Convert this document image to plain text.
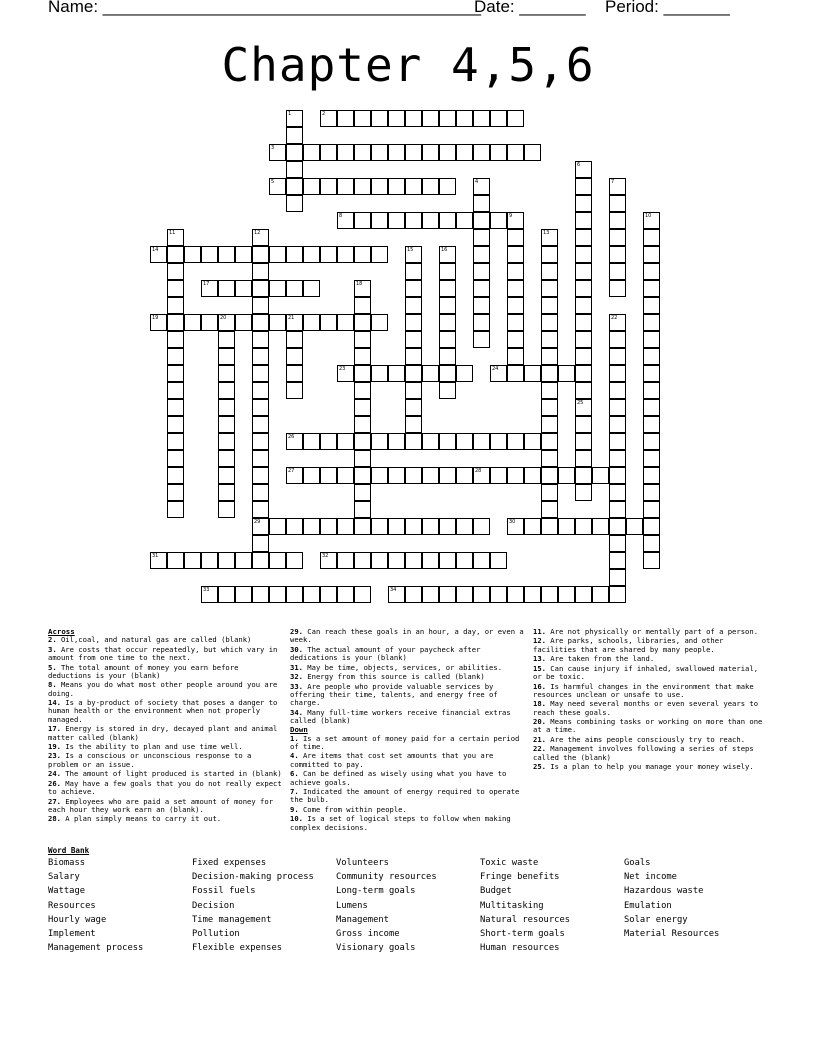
Name: ________________________________________
Date: _______ Period: _______
Chapter 4,5,6
1	2
3
4
5
6
25
7
8	9	10
11	12
29
13
14	15	16
17	18
19	20	21	22
23	24
26
27	28
30
31	32
33	34
Across

2. Oil,coal, and natural gas are called (blank)

3. Are costs that occur repeatedly, but which vary in amount from one time to the next.

5. The total amount of money you earn before deductions is your (blank)

8. Means you do what most other people around you are doing.

14. Is a by-product of society that poses a danger to human health or the environment when not properly managed.

17. Energy is stored in dry, decayed plant and animal matter called (blank)

19. Is the ability to plan and use time well.

23. Is a conscious or unconscious response to a problem or an issue.

24. The amount of light produced is started in (blank)

26. May have a few goals that you do not really expect to achieve.

27. Employees who are paid a set amount of money for each hour they work earn an (blank).

28. A plan simply means to carry it out.

29. Can reach these goals in an hour, a day, or even a week.

30. The actual amount of your paycheck after dedications is your (blank)

31. May be time, objects, services, or abilities.

32. Energy from this source is called (blank)

33. Are people who provide valuable services by offering their time, talents, and energy free of charge.

34. Many full-time workers receive financial extras called (blank)

Down

1. Is a set amount of money paid for a certain period of time.

4. Are items that cost set amounts that you are committed to pay.

6. Can be defined as wisely using what you have to achieve goals.

7. Indicated the amount of energy required to operate the bulb.

9. Come from within people.

10. Is a set of logical steps to follow when making complex decisions.

11. Are not physically or mentally part of a person.

12. Are parks, schools, libraries, and other facilities that are shared by many people.

13. Are taken from the land.

15. Can cause injury if inhaled, swallowed material, or be toxic.

16. Is harmful changes in the environment that make resources unclean or unsafe to use.

18. May need several months or even several years to reach these goals.

20. Means combining tasks or working on more than one at a time.

21. Are the aims people consciously try to reach.

22. Management involves following a series of steps called the (blank)

25. Is a plan to help you manage your money wisely.

Word Bank
Biomass	Fixed expenses	Volunteers	Toxic waste	Goals
Salary	Decision-making process	Community resources	Fringe benefits	Net income
Wattage	Fossil fuels	Long-term goals	Budget	Hazardous waste
Resources	Decision	Lumens	Multitasking	Emulation
Hourly wage	Time management	Management	Natural resources	Solar energy
Implement	Pollution	Gross income	Short-term goals	Material Resources
Management process	Flexible expenses	Visionary goals	Human resources
